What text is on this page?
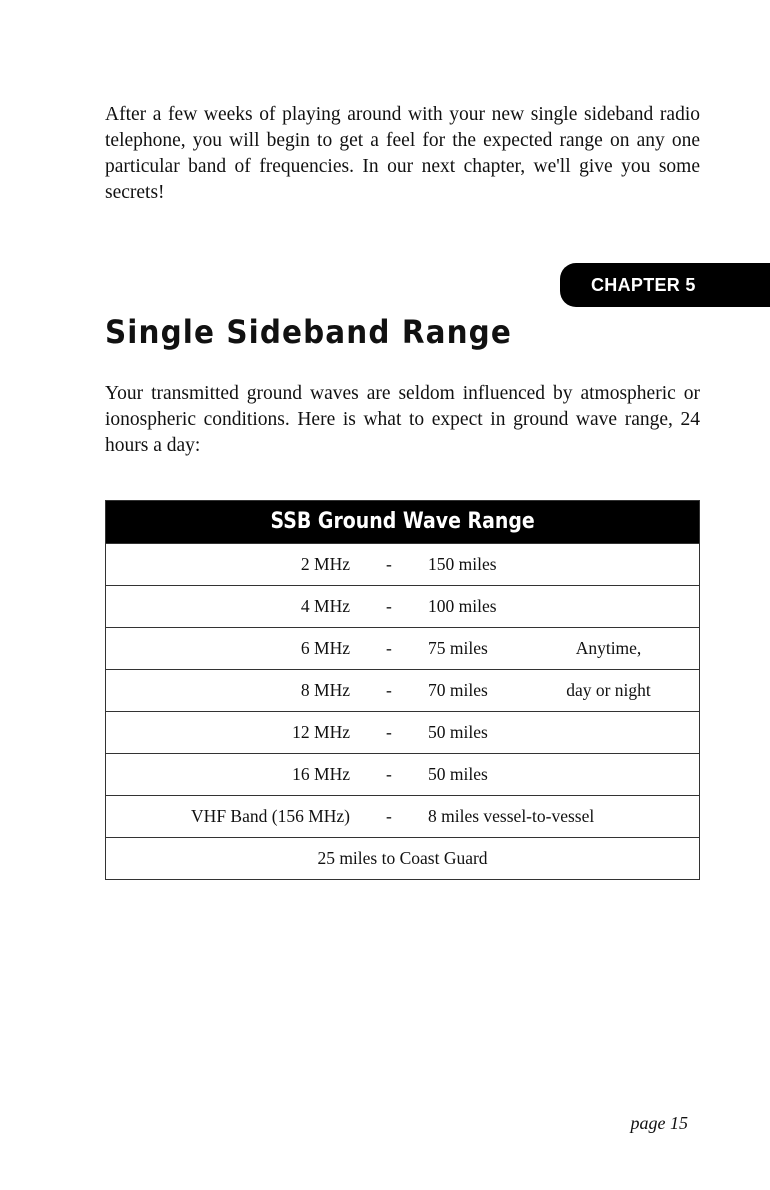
After a few weeks of playing around with your new single sideband radio telephone, you will begin to get a feel for the expected range on any one particular band of frequencies. In our next chapter, we'll give you some secrets!

CHAPTER 5
Single Sideband Range

Your transmitted ground waves are seldom influenced by atmospheric or ionospheric conditions. Here is what to expect in ground wave range, 24 hours a day:

SSB Ground Wave Range
2 MHz - 150 miles
4 MHz - 100 miles
6 MHz - 75 miles	Anytime,
8 MHz - 70 miles	day or night
12 MHz - 50 miles
16 MHz - 50 miles
VHF Band (156 MHz) - 8 miles vessel-to-vessel
25 miles to Coast Guard
page 15
